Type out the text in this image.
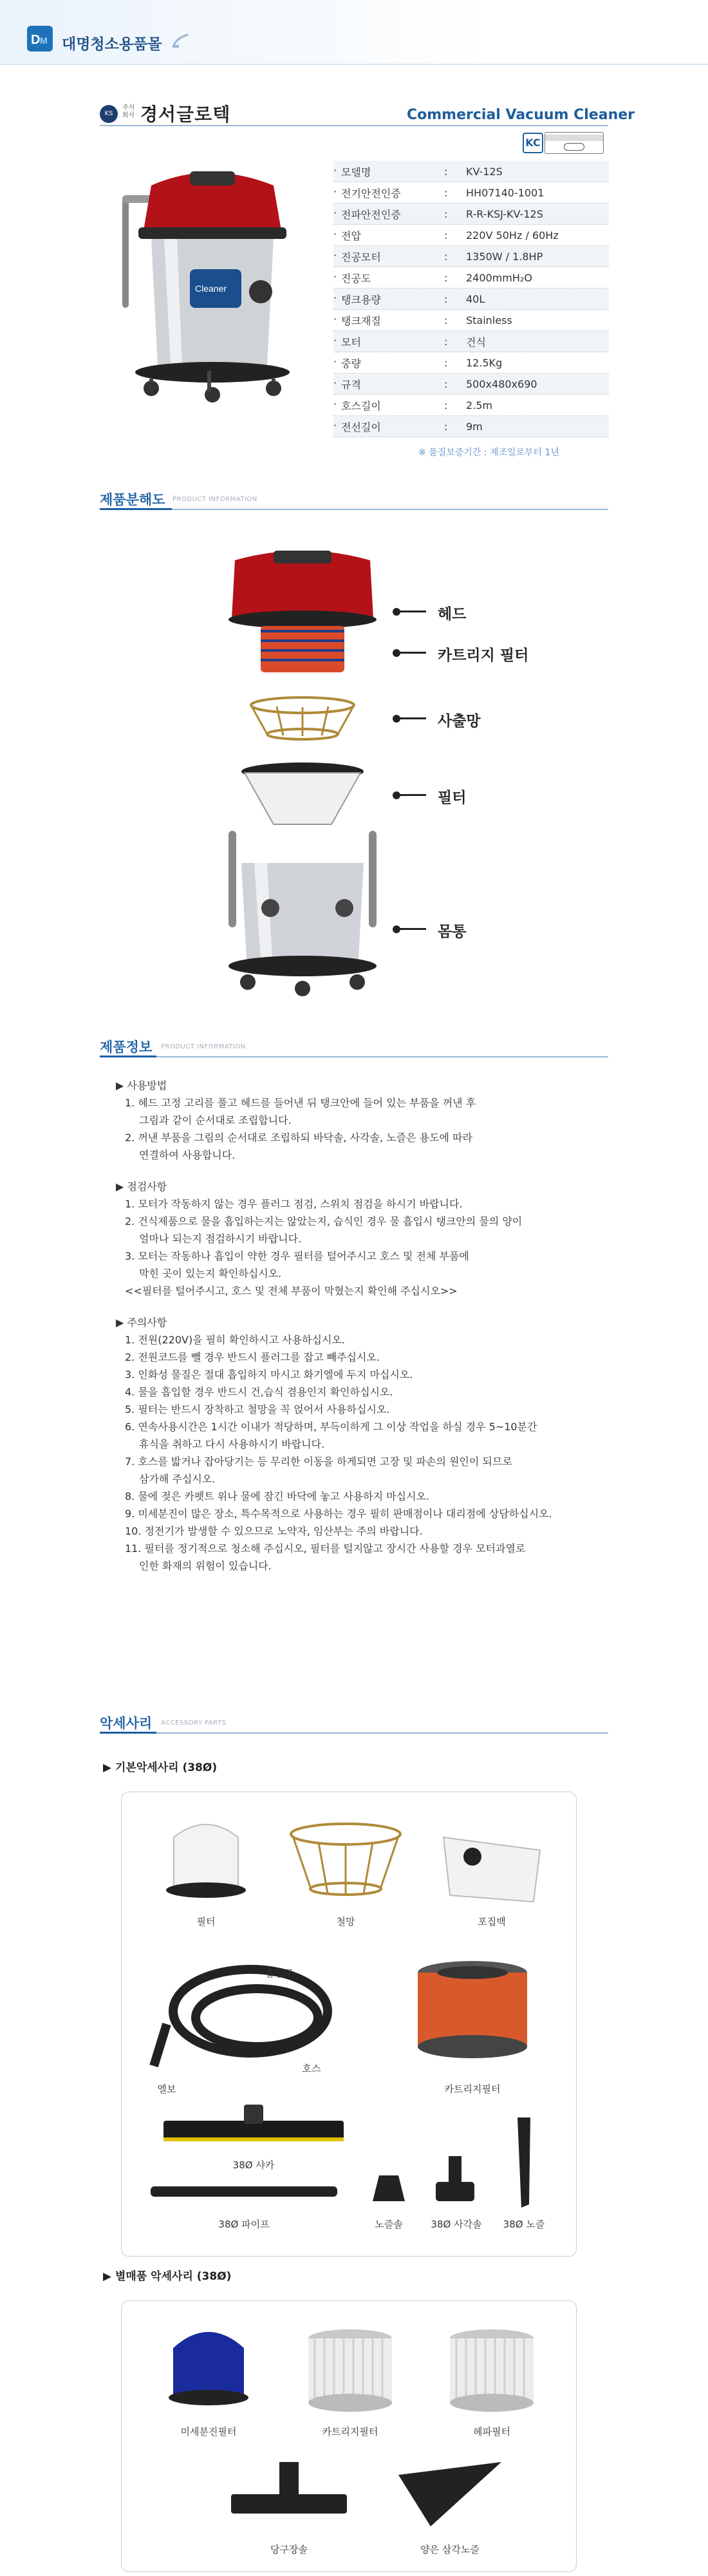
D M 대명청소용품몰
KS
주식회사 경서글로텍	Commercial Vacuum Cleaner
KC
Cleaner
· 모델명	:	KV-12S
· 전기안전인증	:	HH07140-1001
· 전파안전인증	:	R-R-KSJ-KV-12S
· 전압	:	220V 50Hz / 60Hz
· 진공모터	:	1350W / 1.8HP
· 진공도	:	2400mmH₂O
· 탱크용량	:	40L
· 탱크재질	:	Stainless
· 모터	:	건식
· 중량	:	12.5Kg
· 규격	:	500x480x690
· 호스길이	:	2.5m
· 전선길이	:	9m
※ 품질보증기간 : 제조일로부터 1년
제품분해도 PRODUCT INFORMATION
헤드
카트리지 필터
사출망
필터
몸통
제품정보 PRODUCT INFORMATION

▶ 사용방법

1. 헤드 고정 고리를 풀고 헤드를 들어낸 뒤 탱크안에 들어 있는 부품을 꺼낸 후

그림과 같이 순서대로 조립합니다.

2. 꺼낸 부품을 그림의 순서대로 조립하되 바닥솔, 사각솔, 노즐은 용도에 따라

연결하여 사용합니다.

▶ 점검사항

1. 모터가 작동하지 않는 경우 플러그 점검, 스위치 점검을 하시기 바랍니다.

2. 건식제품으로 물을 흡입하는지는 않았는지, 습식인 경우 물 흡입시 탱크안의 물의 양이

얼마나 되는지 점검하시기 바랍니다.

3. 모터는 작동하나 흡입이 약한 경우 필터를 털어주시고 호스 및 전체 부품에

막힌 곳이 있는지 확인하십시오.

<<필터를 털어주시고, 호스 및 전체 부품이 막혔는지 확인해 주십시오>>

▶ 주의사항

1. 전원(220V)을 필히 확인하시고 사용하십시오.

2. 전원코드를 뺄 경우 반드시 플러그를 잡고 빼주십시오.

3. 인화성 물질은 절대 흡입하지 마시고 화기엘에 두지 마십시오.

4. 물을 흡입할 경우 반드시 건,습식 겸용인지 확인하십시오.

5. 필터는 반드시 장착하고 철망을 꼭 얹어서 사용하십시오.

6. 연속사용시간은 1시간 이내가 적당하며, 부득이하게 그 이상 작업을 하실 경우 5~10분간

휴식을 취하고 다시 사용하시기 바랍니다.

7. 호스를 밟거나 잡아당기는 등 무리한 이동을 하게되면 고장 및 파손의 원인이 되므로

삼가해 주십시오.

8. 물에 젖은 카펫트 위나 물에 잠긴 바닥에 놓고 사용하지 마십시오.

9. 미세분진이 많은 장소, 특수목적으로 사용하는 경우 필히 판매점이나 대리점에 상담하십시오.

10. 정전기가 발생할 수 있으므로 노약자, 임산부는 주의 바랍니다.

11. 필터를 정기적으로 청소해 주십시오, 필터를 털지않고 장시간 사용할 경우 모터과열로

인한 화재의 위험이 있습니다.

악세사리 ACCESSORY PARTS
▶ 기본악세사리 (38Ø)
필터	철망	포집백
흡입구
호스
엘보	카트리지필터
38Ø 샤카
38Ø 파이프	노즐솔	38Ø 사각솔	38Ø 노즐
▶ 별매품 악세사리 (38Ø)
미세분진필터	카트리지필터	헤파필터
당구장솔	양은 삼각노즐
